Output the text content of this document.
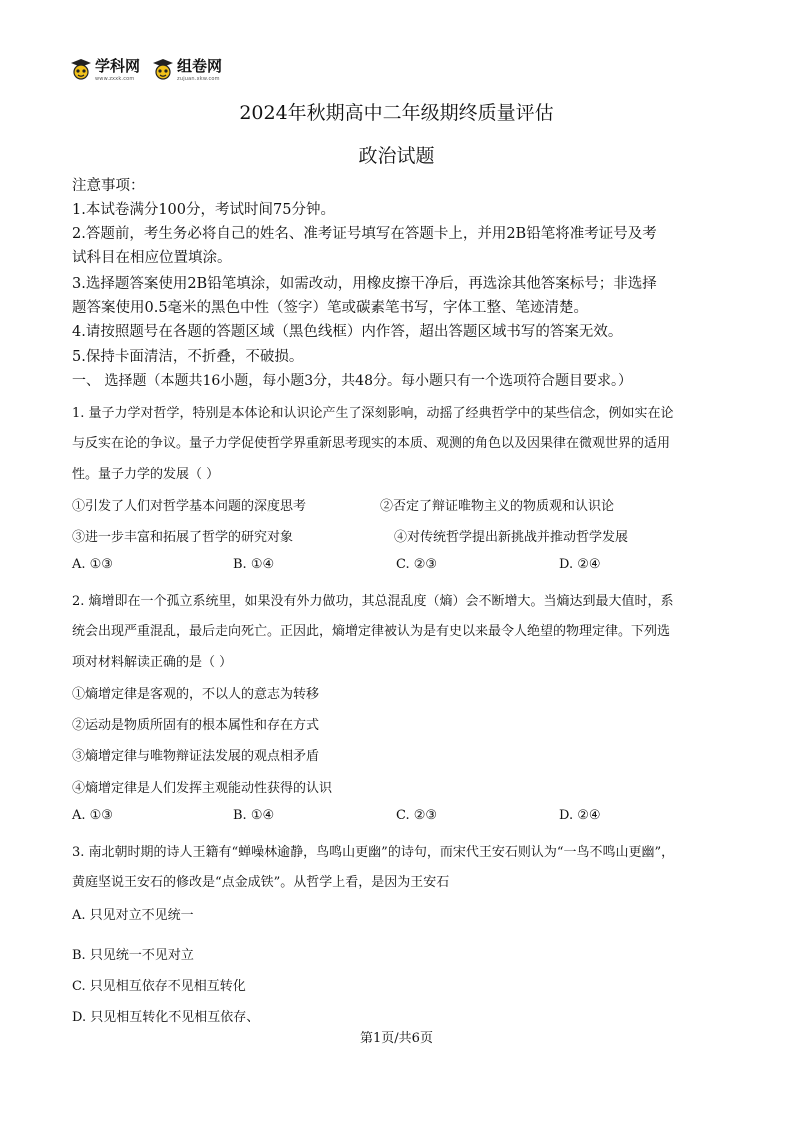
学科网
www.zxxk.com
组卷网
zujuan.xkw.com
2024年秋期高中二年级期终质量评估
政治试题
注意事项：
1.本试卷满分100分，考试时间75分钟。
2.答题前，考生务必将自己的姓名、准考证号填写在答题卡上，并用2B铅笔将准考证号及考
试科目在相应位置填涂。
3.选择题答案使用2B铅笔填涂，如需改动，用橡皮擦干净后，再选涂其他答案标号；非选择
题答案使用0.5毫米的黑色中性（签字）笔或碳素笔书写，字体工整、笔迹清楚。
4.请按照题号在各题的答题区域（黑色线框）内作答，超出答题区域书写的答案无效。
5.保持卡面清洁，不折叠，不破损。
一、 选择题（本题共16小题，每小题3分，共48分。每小题只有一个选项符合题目要求。）
1. 量子力学对哲学，特别是本体论和认识论产生了深刻影响，动摇了经典哲学中的某些信念，例如实在论
与反实在论的争议。量子力学促使哲学界重新思考现实的本质、观测的角色以及因果律在微观世界的适用
性。量子力学的发展（ ）
①引发了人们对哲学基本问题的深度思考	②否定了辩证唯物主义的物质观和认识论
③进一步丰富和拓展了哲学的研究对象	④对传统哲学提出新挑战并推动哲学发展
A. ①③	B. ①④	C. ②③	D. ②④
2. 熵增即在一个孤立系统里，如果没有外力做功，其总混乱度（熵）会不断增大。当熵达到最大值时，系
统会出现严重混乱，最后走向死亡。正因此，熵增定律被认为是有史以来最令人绝望的物理定律。下列选
项对材料解读正确的是（ ）
①熵增定律是客观的，不以人的意志为转移
②运动是物质所固有的根本属性和存在方式
③熵增定律与唯物辩证法发展的观点相矛盾
④熵增定律是人们发挥主观能动性获得的认识
A. ①③	B. ①④	C. ②③	D. ②④
3. 南北朝时期的诗人王籍有“蝉噪林逾静，鸟鸣山更幽”的诗句，而宋代王安石则认为“一鸟不鸣山更幽”，
黄庭坚说王安石的修改是“点金成铁”。从哲学上看，是因为王安石
A. 只见对立不见统一
B. 只见统一不见对立
C. 只见相互依存不见相互转化
D. 只见相互转化不见相互依存、
第1页/共6页
